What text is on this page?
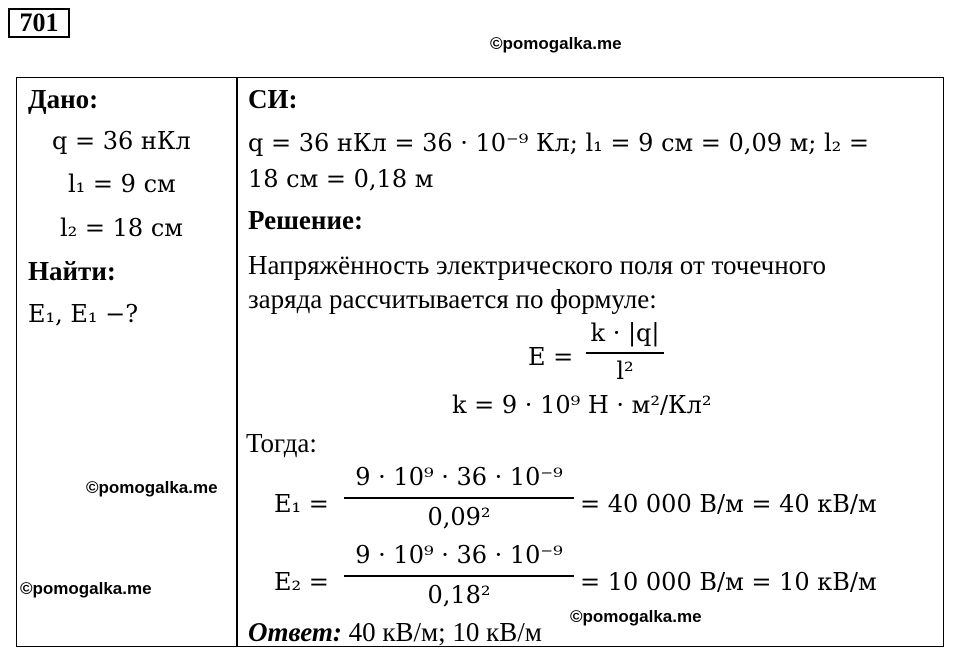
701
©pomogalka.me
Дано:
q = 36 нКл
l₁ = 9 см
l₂ = 18 см
Найти:
E₁, E₁ −?
СИ:
q = 36 нКл = 36 · 10⁻⁹ Кл; l₁ = 9 см = 0,09 м; l₂ =
18 см = 0,18 м
Решение:
Напряжённость электрического поля от точечного
заряда рассчитывается по формуле:
E =
k · |q|
l²
k = 9 · 10⁹ Н · м²/Кл²
Тогда:
E₁ =
9 · 10⁹ · 36 · 10⁻⁹
0,09²	= 40 000 В/м = 40 кВ/м
E₂ =
9 · 10⁹ · 36 · 10⁻⁹
0,18²	= 10 000 В/м = 10 кВ/м
Ответ: 40 кВ/м; 10 кВ/м
©pomogalka.me
©pomogalka.me
©pomogalka.me
